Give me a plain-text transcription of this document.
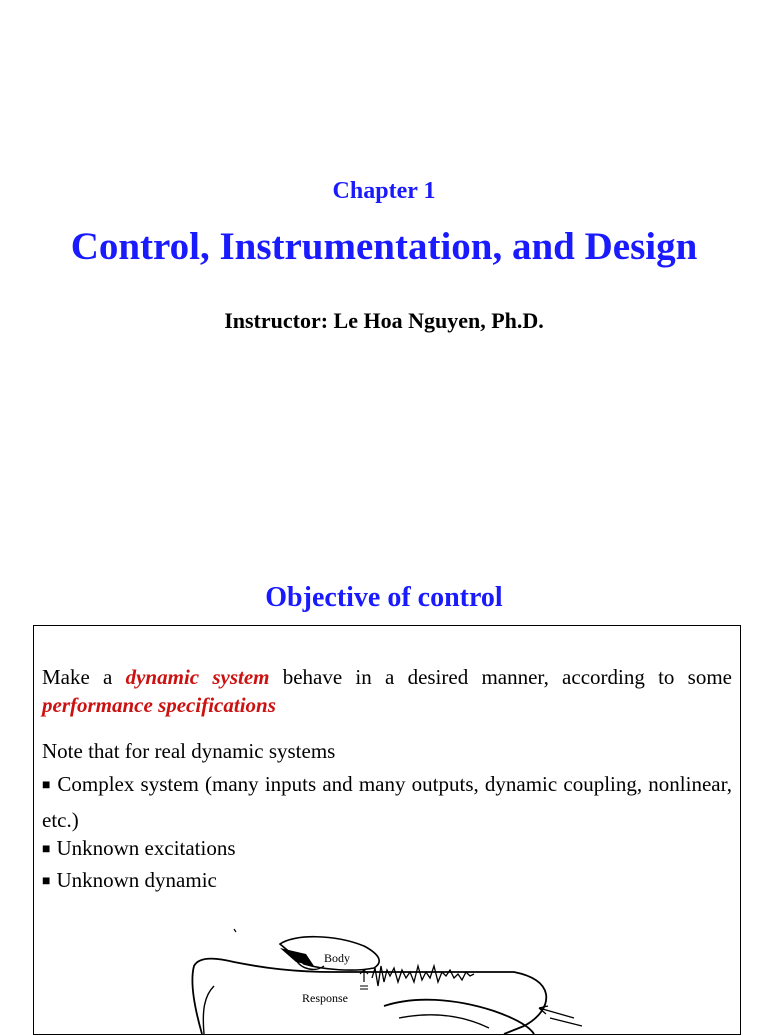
Chapter 1
Control, Instrumentation, and Design
Instructor: Le Hoa Nguyen, Ph.D.
Objective of control
Make a dynamic system behave in a desired manner, according to some performance specifications
Note that for real dynamic systems
■ Complex system (many inputs and many outputs, dynamic coupling, nonlinear, etc.)
■ Unknown excitations
■ Unknown dynamic
Body
Response
